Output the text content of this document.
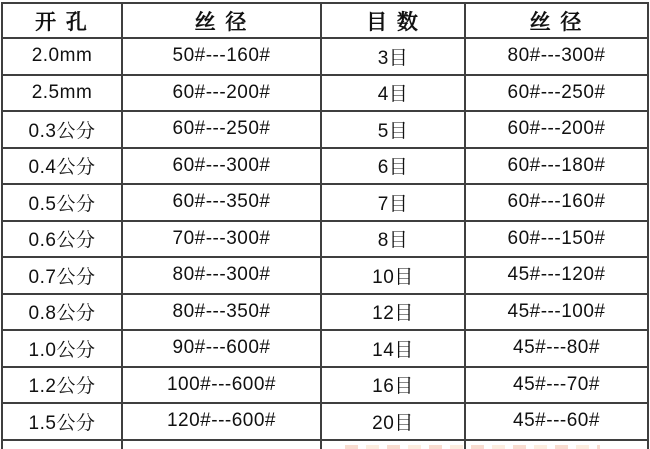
开 孔	丝 径	目 数	丝 径
2.0mm	50#---160#	3目	80#---300#
2.5mm	60#---200#	4目	60#---250#
0.3公分	60#---250#	5目	60#---200#
0.4公分	60#---300#	6目	60#---180#
0.5公分	60#---350#	7目	60#---160#
0.6公分	70#---300#	8目	60#---150#
0.7公分	80#---300#	10目	45#---120#
0.8公分	80#---350#	12目	45#---100#
1.0公分	90#---600#	14目	45#---80#
1.2公分	100#---600#	16目	45#---70#
1.5公分	120#---600#	20目	45#---60#
